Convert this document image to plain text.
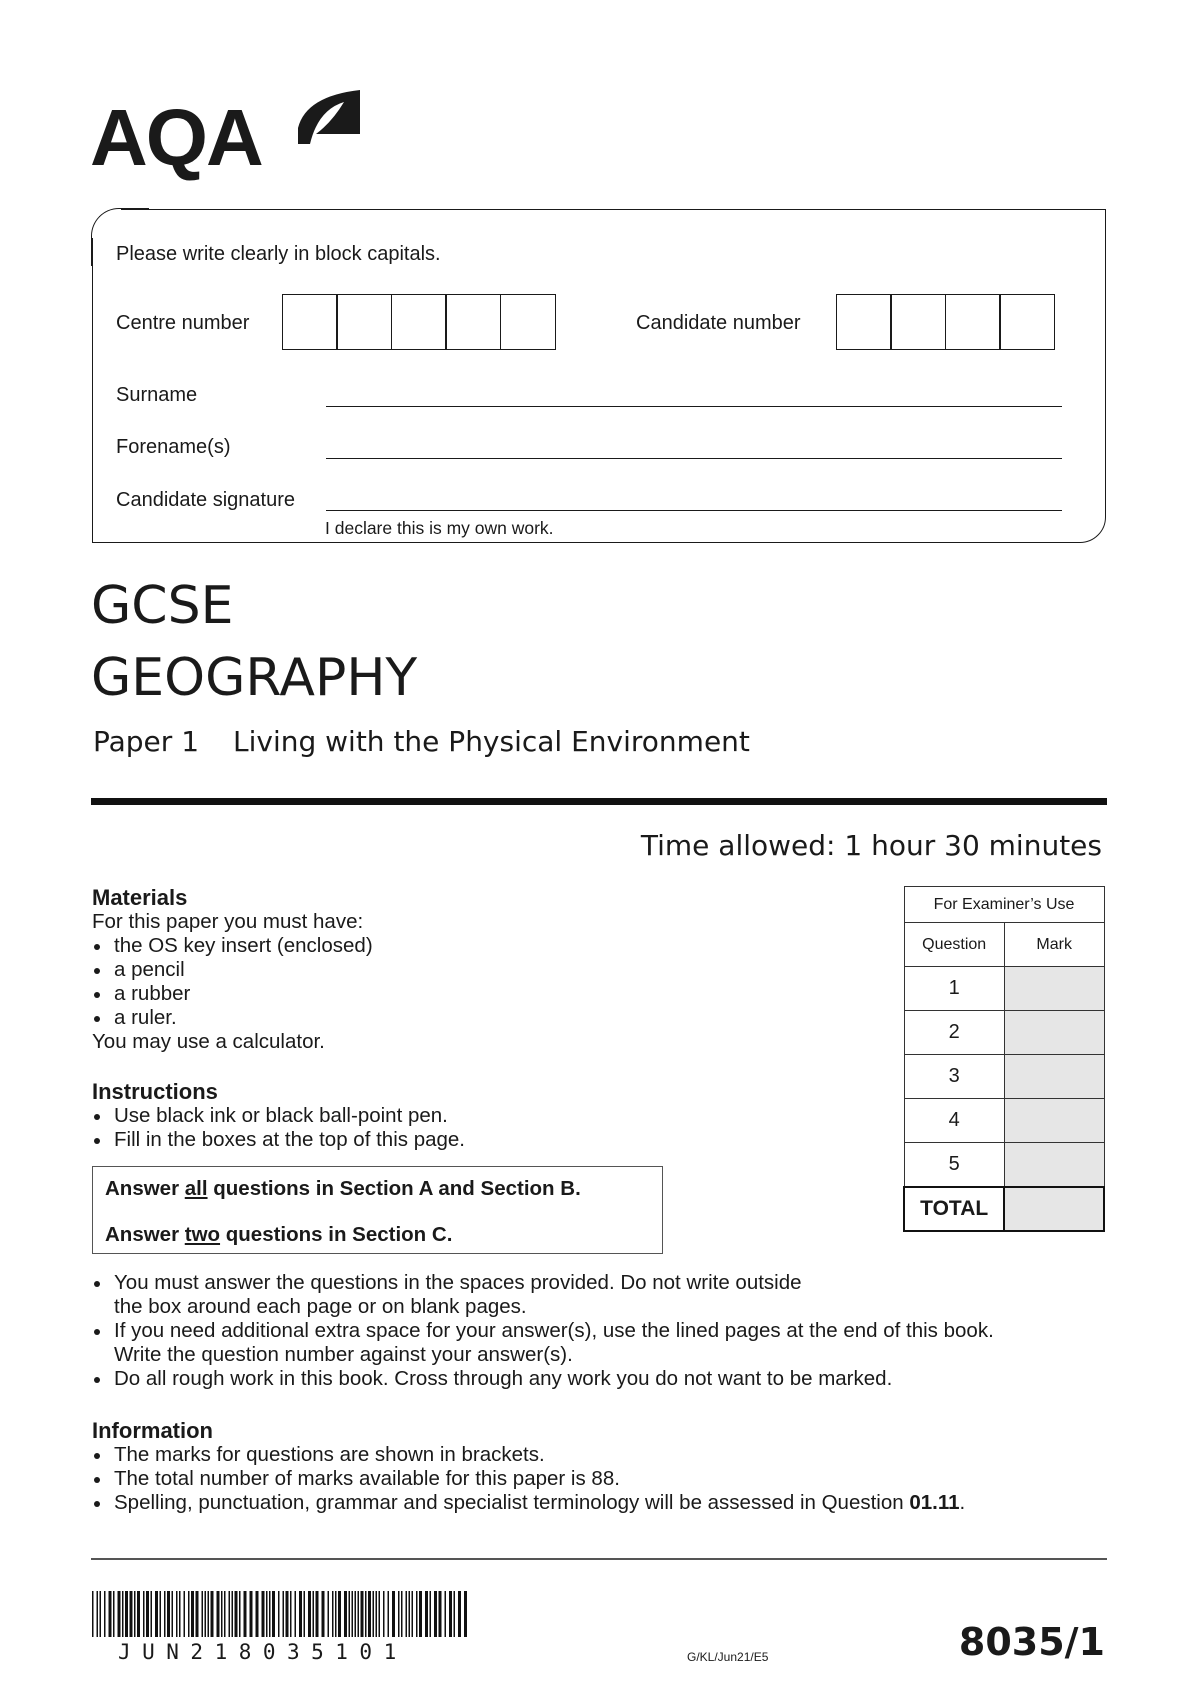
AQA
Please write clearly in block capitals.
Centre number	Candidate number
Surname
Forename(s)
Candidate signature
I declare this is my own work.
GCSE
GEOGRAPHY
Paper 1 Living with the Physical Environment
Time allowed: 1 hour 30 minutes
Materials
For this paper you must have:
the OS key insert (enclosed)
a pencil
a rubber
a ruler.
You may use a calculator.
Instructions
Use black ink or black ball-point pen.
Fill in the boxes at the top of this page.
Answer all questions in Section A and Section B.
Answer two questions in Section C.
You must answer the questions in the spaces provided. Do not write outside
the box around each page or on blank pages.
If you need additional extra space for your answer(s), use the lined pages at the end of this book.
Write the question number against your answer(s).
Do all rough work in this book. Cross through any work you do not want to be marked.
Information
The marks for questions are shown in brackets.
The total number of marks available for this paper is 88.
Spelling, punctuation, grammar and specialist terminology will be assessed in Question 01.11.
For Examiner’s Use	
Question	Mark
1	
2	
3	
4	
5	
TOTAL	
JUN218035101	G/KL/Jun21/E5	8035/1
